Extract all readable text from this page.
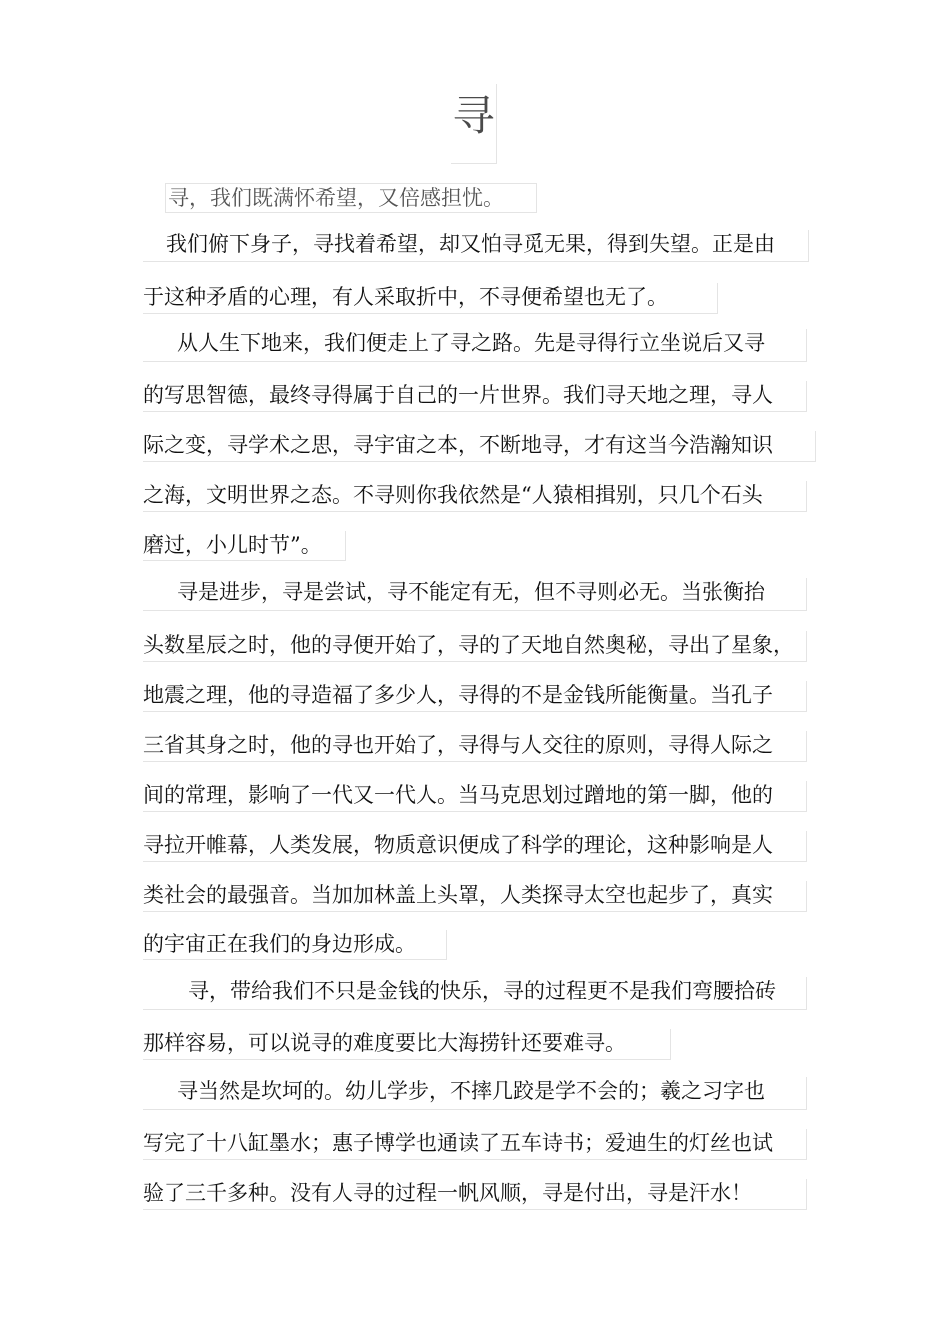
寻
寻，我们既满怀希望，又倍感担忧。
我们俯下身子，寻找着希望，却又怕寻觅无果，得到失望。正是由
于这种矛盾的心理，有人采取折中，不寻便希望也无了。
从人生下地来，我们便走上了寻之路。先是寻得行立坐说后又寻
的写思智德，最终寻得属于自己的一片世界。我们寻天地之理，寻人
际之变，寻学术之思，寻宇宙之本，不断地寻，才有这当今浩瀚知识
之海，文明世界之态。不寻则你我依然是“人猿相揖别，只几个石头
磨过，小儿时节”。
寻是进步，寻是尝试，寻不能定有无，但不寻则必无。当张衡抬
头数星辰之时，他的寻便开始了，寻的了天地自然奥秘，寻出了星象，
地震之理，他的寻造福了多少人，寻得的不是金钱所能衡量。当孔子
三省其身之时，他的寻也开始了，寻得与人交往的原则，寻得人际之
间的常理，影响了一代又一代人。当马克思划过蹭地的第一脚，他的
寻拉开帷幕，人类发展，物质意识便成了科学的理论，这种影响是人
类社会的最强音。当加加林盖上头罩，人类探寻太空也起步了，真实
的宇宙正在我们的身边形成。
寻，带给我们不只是金钱的快乐，寻的过程更不是我们弯腰拾砖
那样容易，可以说寻的难度要比大海捞针还要难寻。
寻当然是坎坷的。幼儿学步，不摔几跤是学不会的；羲之习字也
写完了十八缸墨水；惠子博学也通读了五车诗书；爱迪生的灯丝也试
验了三千多种。没有人寻的过程一帆风顺，寻是付出，寻是汗水！
